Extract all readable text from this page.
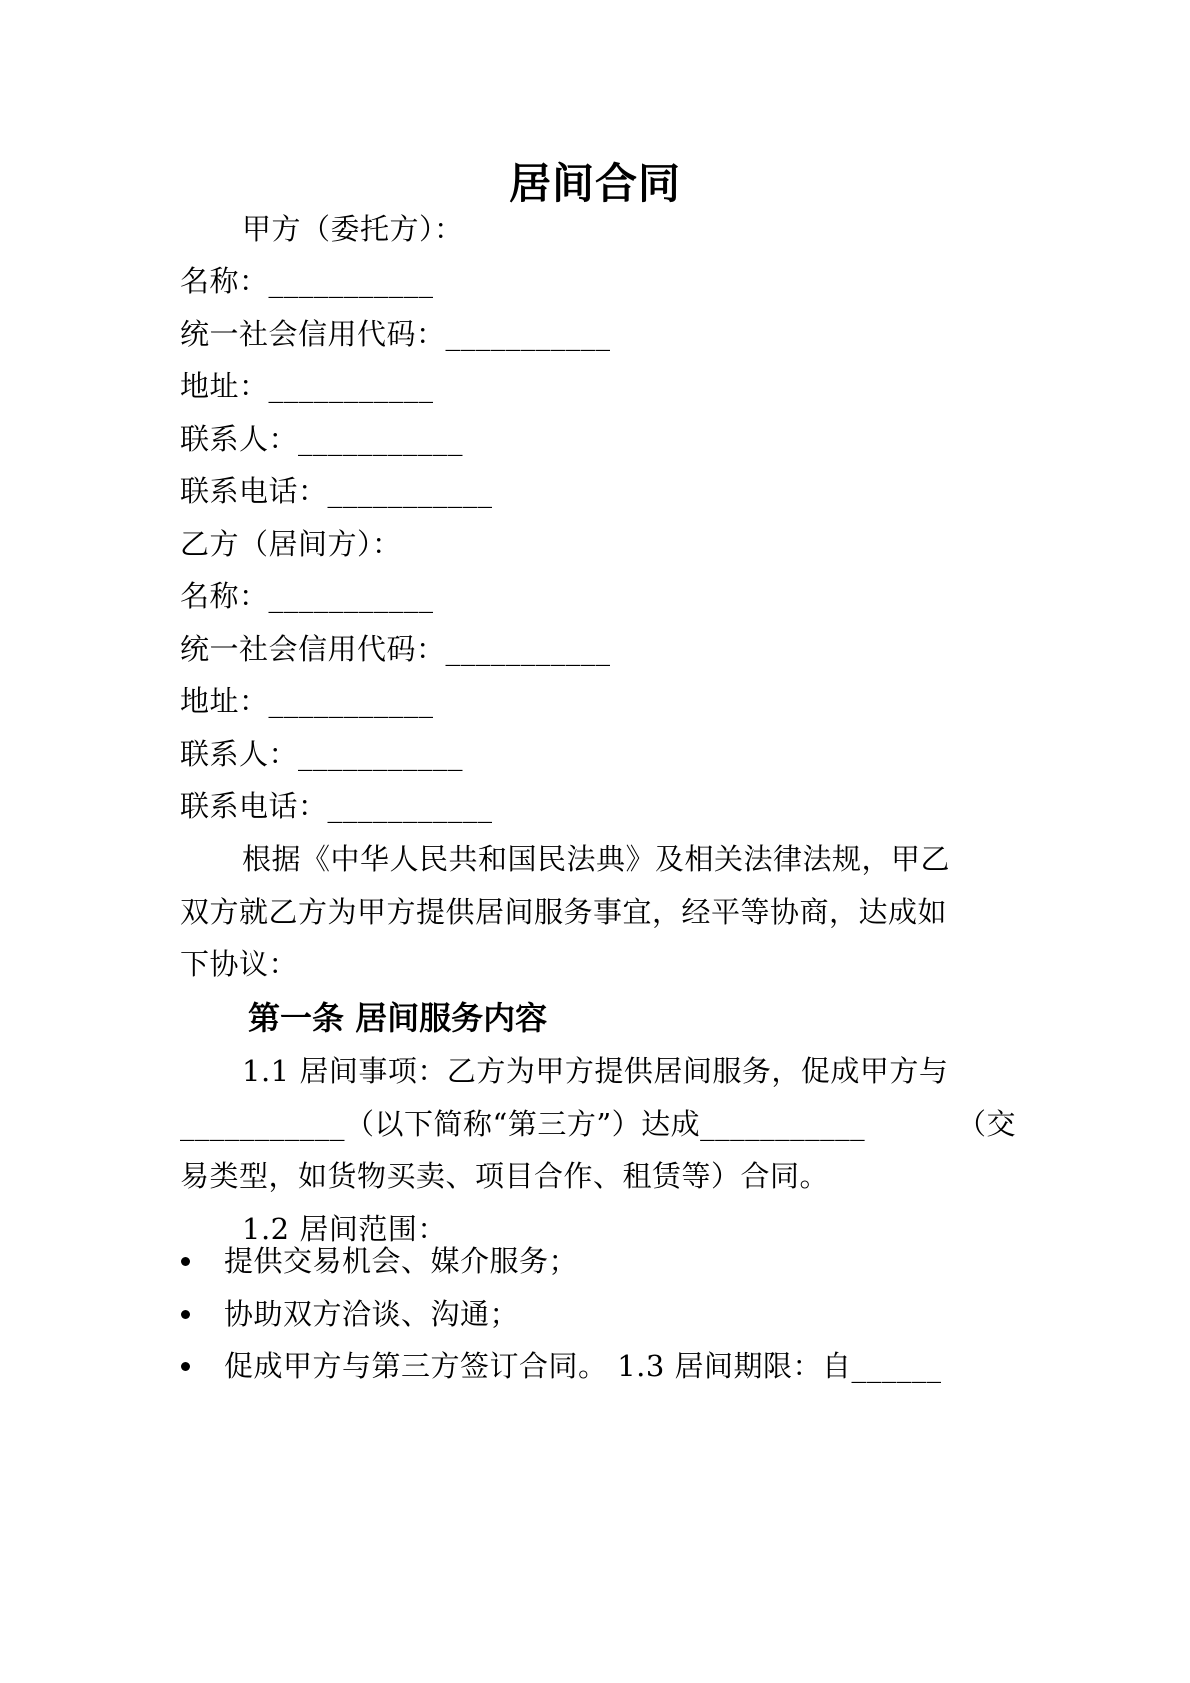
居间合同
甲方（委托方）：
名称：___________
统一社会信用代码：___________
地址：___________
联系人：___________
联系电话：___________
乙方（居间方）：
名称：___________
统一社会信用代码：___________
地址：___________
联系人：___________
联系电话：___________
根据《中华人民共和国民法典》及相关法律法规，甲乙
双方就乙方为甲方提供居间服务事宜，经平等协商，达成如
下协议：
第一条 居间服务内容
1.1 居间事项：乙方为甲方提供居间服务，促成甲方与
___________（以下简称“第三方”）达成___________	（交
易类型，如货物买卖、项目合作、租赁等）合同。
1.2 居间范围：
提供交易机会、媒介服务；
协助双方洽谈、沟通；
促成甲方与第三方签订合同。 1.3 居间期限：自______
